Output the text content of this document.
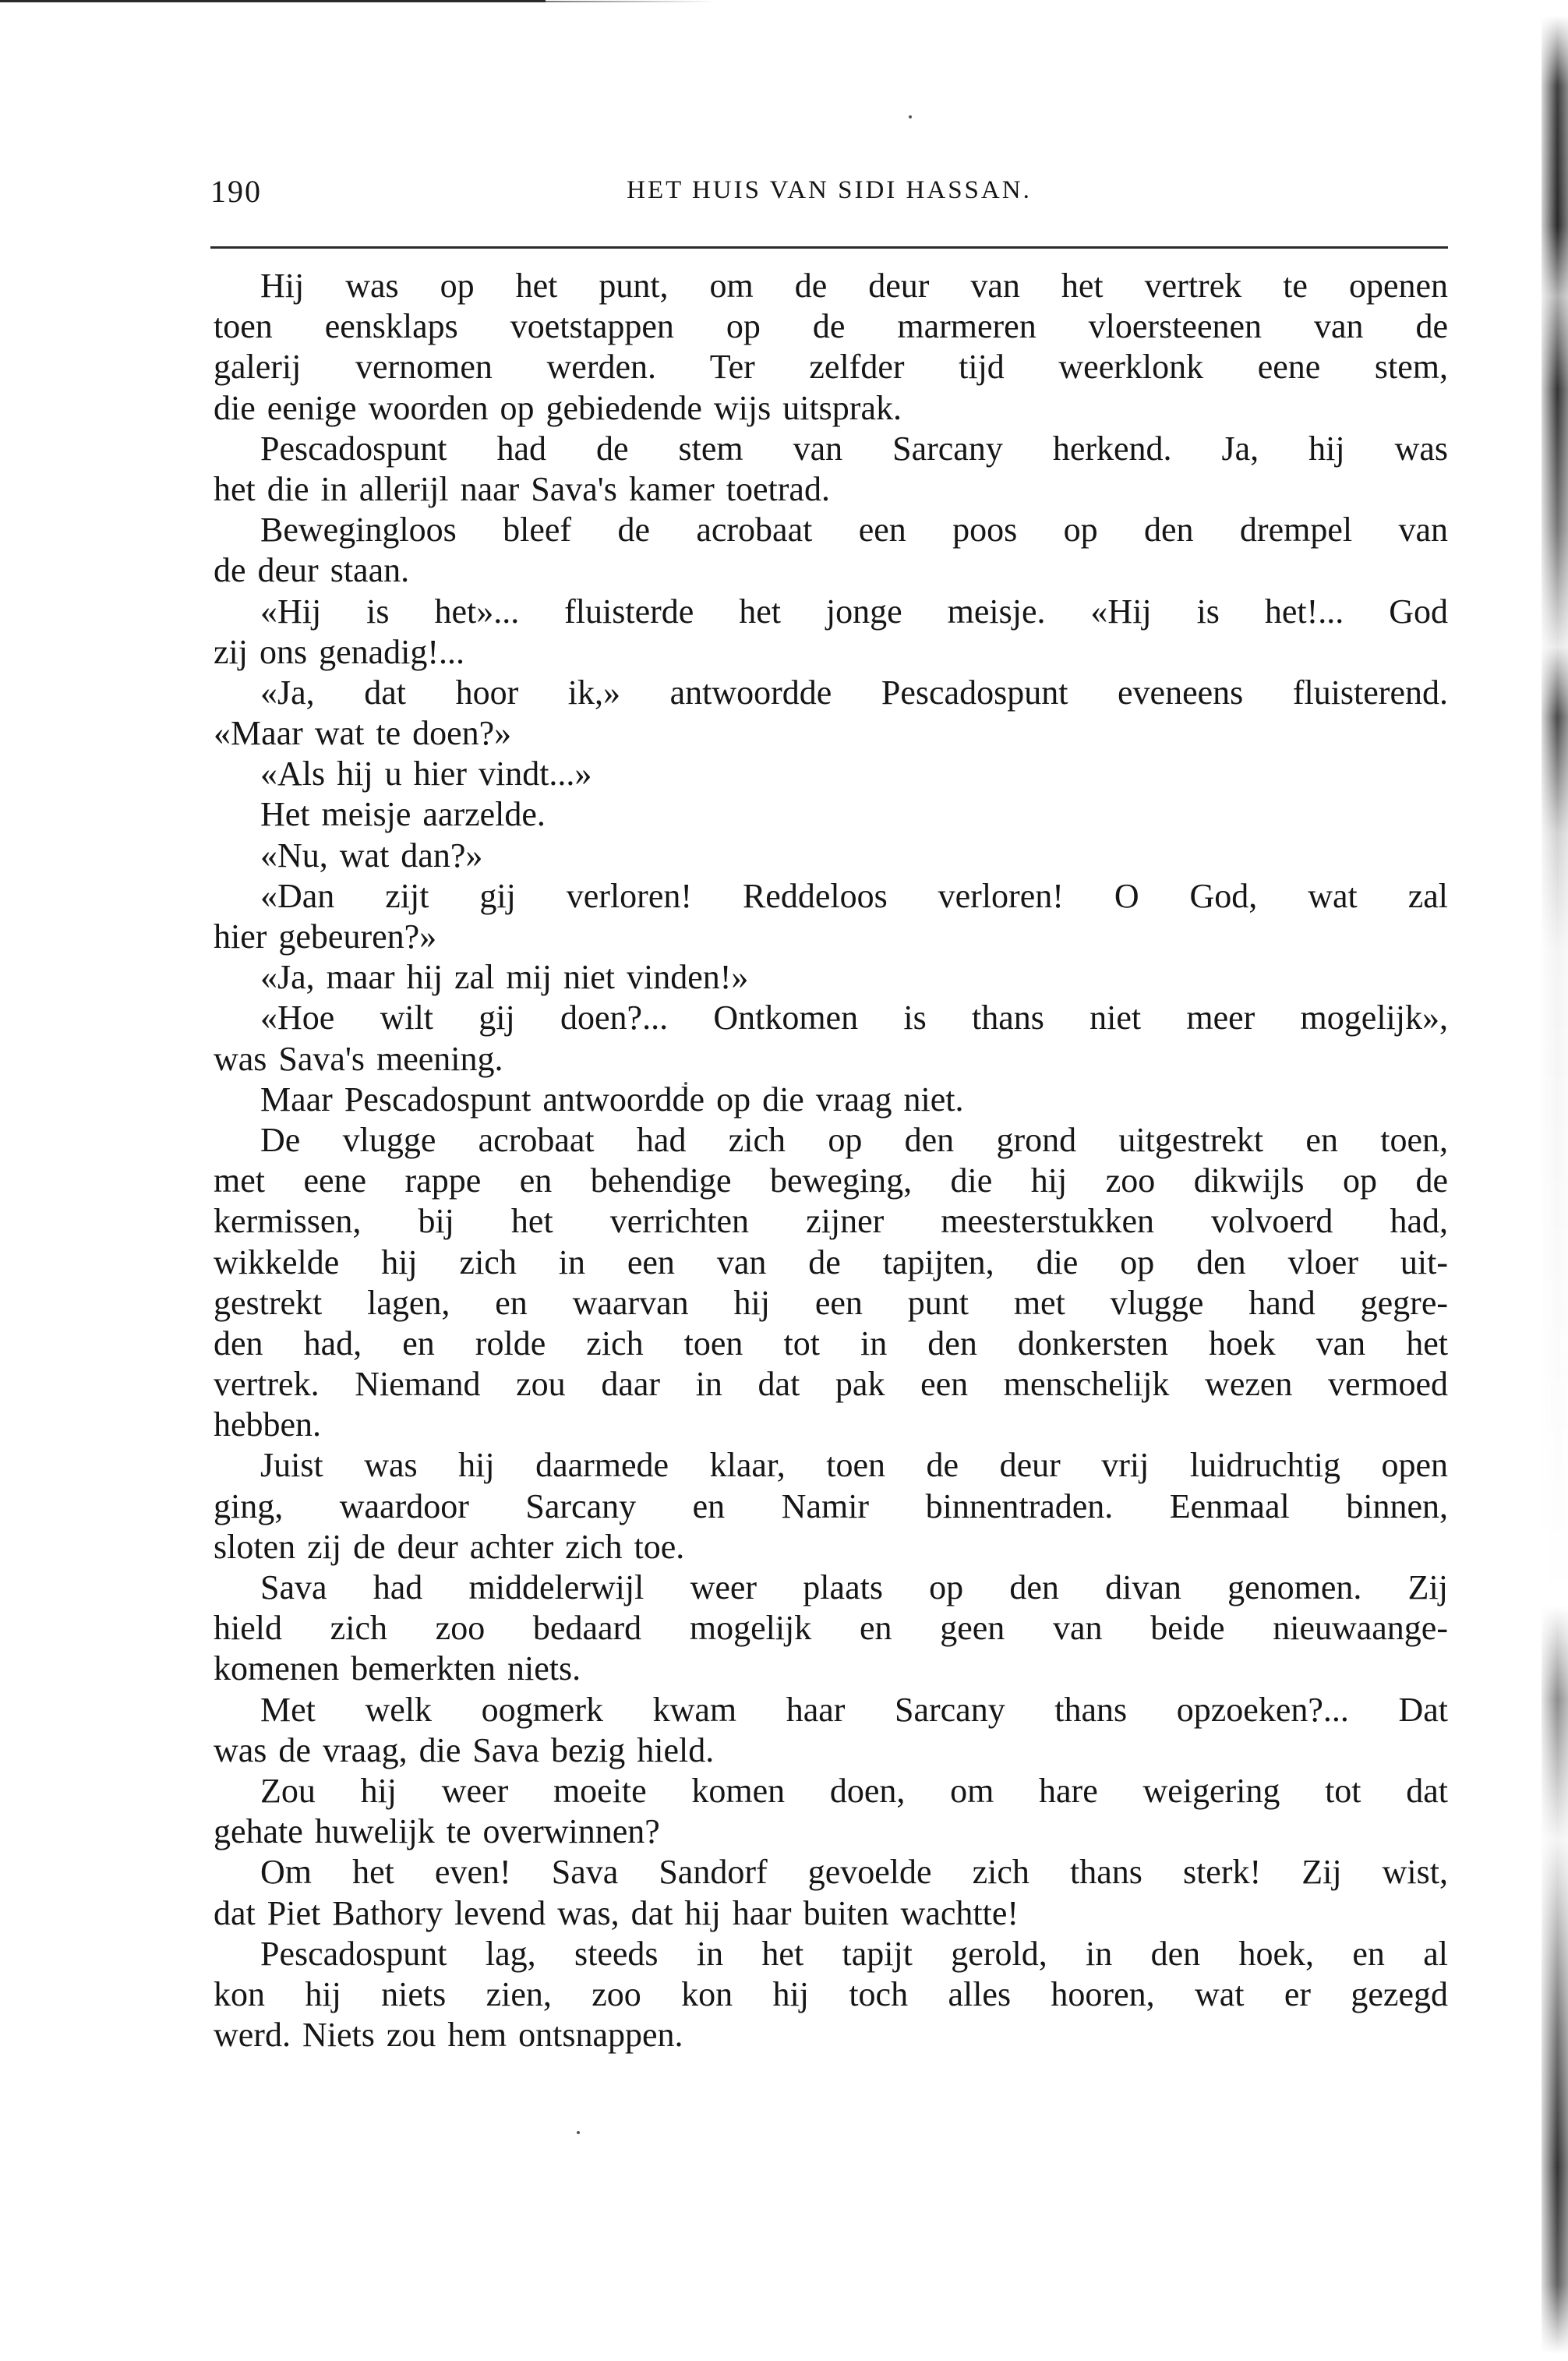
190	HET HUIS VAN SIDI HASSAN.
Hij was op het punt, om de deur van het vertrek te openen
toen eensklaps voetstappen op de marmeren vloersteenen van de
galerij vernomen werden. Ter zelfder tijd weerklonk eene stem,
die eenige woorden op gebiedende wijs uitsprak.
Pescadospunt had de stem van Sarcany herkend. Ja, hij was
het die in allerijl naar Sava's kamer toetrad.
Bewegingloos bleef de acrobaat een poos op den drempel van
de deur staan.
«Hij is het»... fluisterde het jonge meisje. «Hij is het!... God
zij ons genadig!...
«Ja, dat hoor ik,» antwoordde Pescadospunt eveneens fluisterend.
«Maar wat te doen?»
«Als hij u hier vindt...»
Het meisje aarzelde.
«Nu, wat dan?»
«Dan zijt gij verloren! Reddeloos verloren! O God, wat zal
hier gebeuren?»
«Ja, maar hij zal mij niet vinden!»
«Hoe wilt gij doen?... Ontkomen is thans niet meer mogelijk»,
was Sava's meening.
Maar Pescadospunt antwoordde op die vraag niet.
De vlugge acrobaat had zich op den grond uitgestrekt en toen,
met eene rappe en behendige beweging, die hij zoo dikwijls op de
kermissen, bij het verrichten zijner meesterstukken volvoerd had,
wikkelde hij zich in een van de tapijten, die op den vloer uit-
gestrekt lagen, en waarvan hij een punt met vlugge hand gegre-
den had, en rolde zich toen tot in den donkersten hoek van het
vertrek. Niemand zou daar in dat pak een menschelijk wezen vermoed
hebben.
Juist was hij daarmede klaar, toen de deur vrij luidruchtig open
ging, waardoor Sarcany en Namir binnentraden. Eenmaal binnen,
sloten zij de deur achter zich toe.
Sava had middelerwijl weer plaats op den divan genomen. Zij
hield zich zoo bedaard mogelijk en geen van beide nieuwaange-
komenen bemerkten niets.
Met welk oogmerk kwam haar Sarcany thans opzoeken?... Dat
was de vraag, die Sava bezig hield.
Zou hij weer moeite komen doen, om hare weigering tot dat
gehate huwelijk te overwinnen?
Om het even! Sava Sandorf gevoelde zich thans sterk! Zij wist,
dat Piet Bathory levend was, dat hij haar buiten wachtte!
Pescadospunt lag, steeds in het tapijt gerold, in den hoek, en al
kon hij niets zien, zoo kon hij toch alles hooren, wat er gezegd
werd. Niets zou hem ontsnappen.
